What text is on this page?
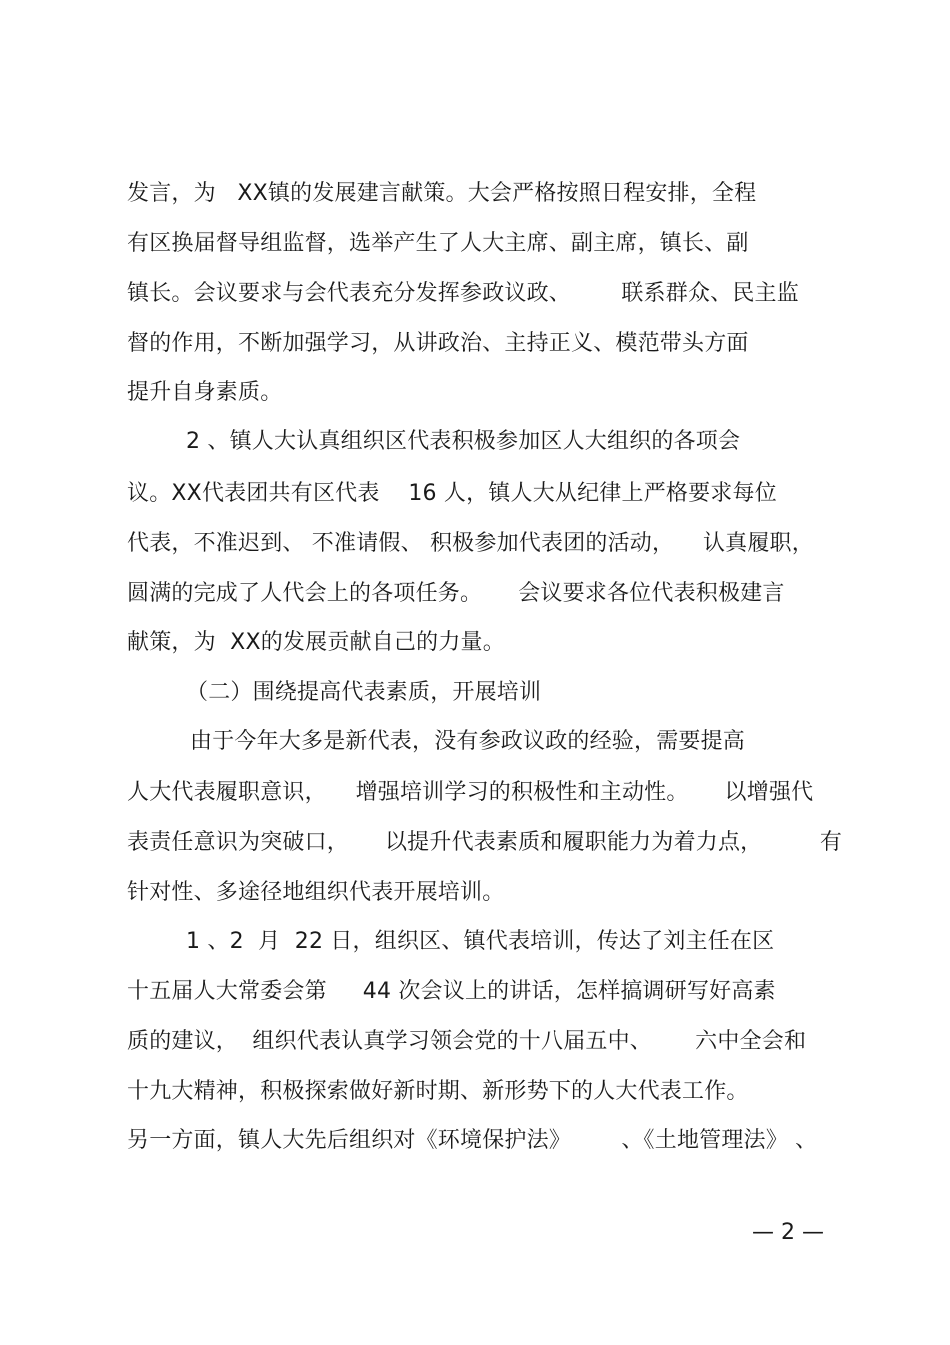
发言，为   XX镇的发展建言献策。大会严格按照日程安排，全程
有区换届督导组监督，选举产生了人大主席、副主席，镇长、副
镇长。会议要求与会代表充分发挥参政议政、       联系群众、民主监
督的作用，不断加强学习，从讲政治、主持正义、模范带头方面
提升自身素质。
2 、镇人大认真组织区代表积极参加区人大组织的各项会
议。XX代表团共有区代表    16 人，镇人大从纪律上严格要求每位
代表，不准迟到、 不准请假、 积极参加代表团的活动，    认真履职，
圆满的完成了人代会上的各项任务。     会议要求各位代表积极建言
献策，为  XX的发展贡献自己的力量。
（二）围绕提高代表素质，开展培训
由于今年大多是新代表，没有参政议政的经验，需要提高
人大代表履职意识，    增强培训学习的积极性和主动性。     以增强代
表责任意识为突破口，     以提升代表素质和履职能力为着力点，        有
针对性、多途径地组织代表开展培训。
1 、2  月  22 日，组织区、镇代表培训，传达了刘主任在区
十五届人大常委会第     44 次会议上的讲话，怎样搞调研写好高素
质的建议，  组织代表认真学习领会党的十八届五中、      六中全会和
十九大精神，积极探索做好新时期、新形势下的人大代表工作。
另一方面，镇人大先后组织对《环境保护法》       、《土地管理法》 、
— 2 —
